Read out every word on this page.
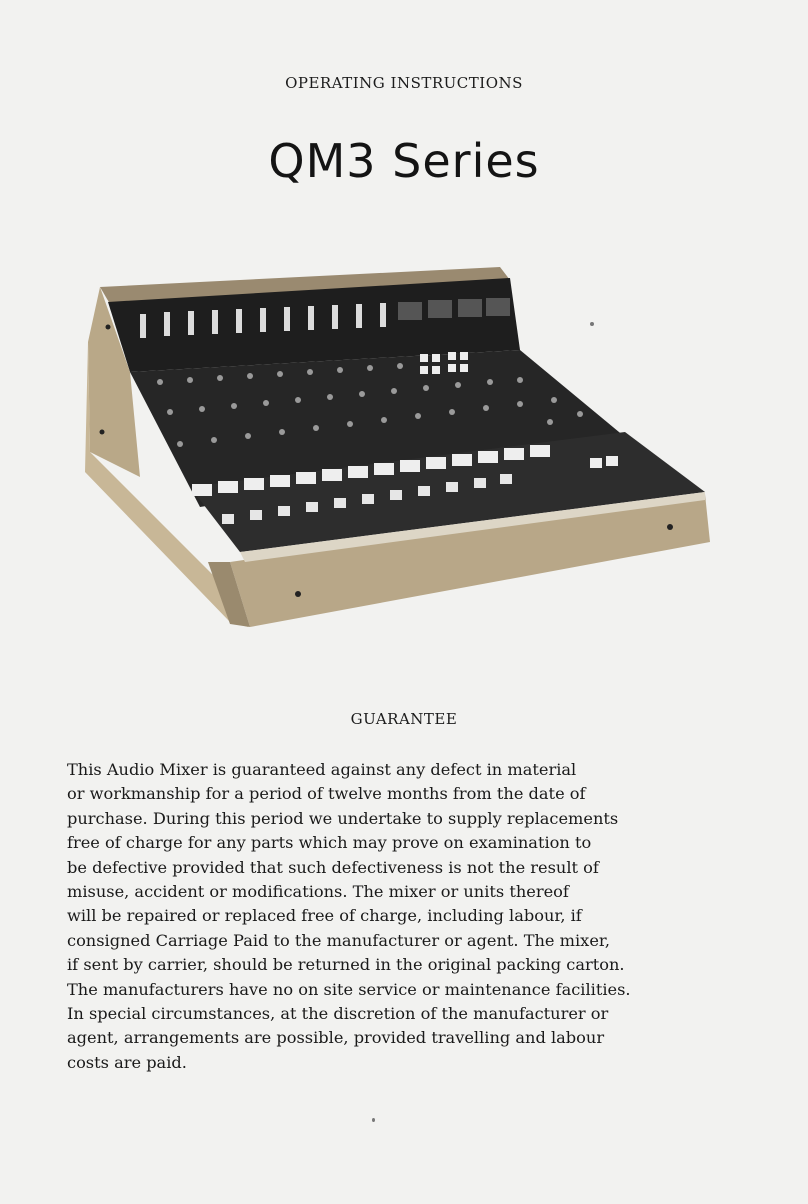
OPERATING INSTRUCTIONS
QM3 Series
GUARANTEE
This Audio Mixer is guaranteed against any defect in material
or workmanship for a period of twelve months from the date of
purchase. During this period we undertake to supply replacements
free of charge for any parts which may prove on examination to
be defective provided that such defectiveness is not the result of
misuse, accident or modifications. The mixer or units thereof
will be repaired or replaced free of charge, including labour, if
consigned Carriage Paid to the manufacturer or agent. The mixer,
if sent by carrier, should be returned in the original packing carton.
The manufacturers have no on site service or maintenance facilities.
In special circumstances, at the discretion of the manufacturer or
agent, arrangements are possible, provided travelling and labour
costs are paid.
